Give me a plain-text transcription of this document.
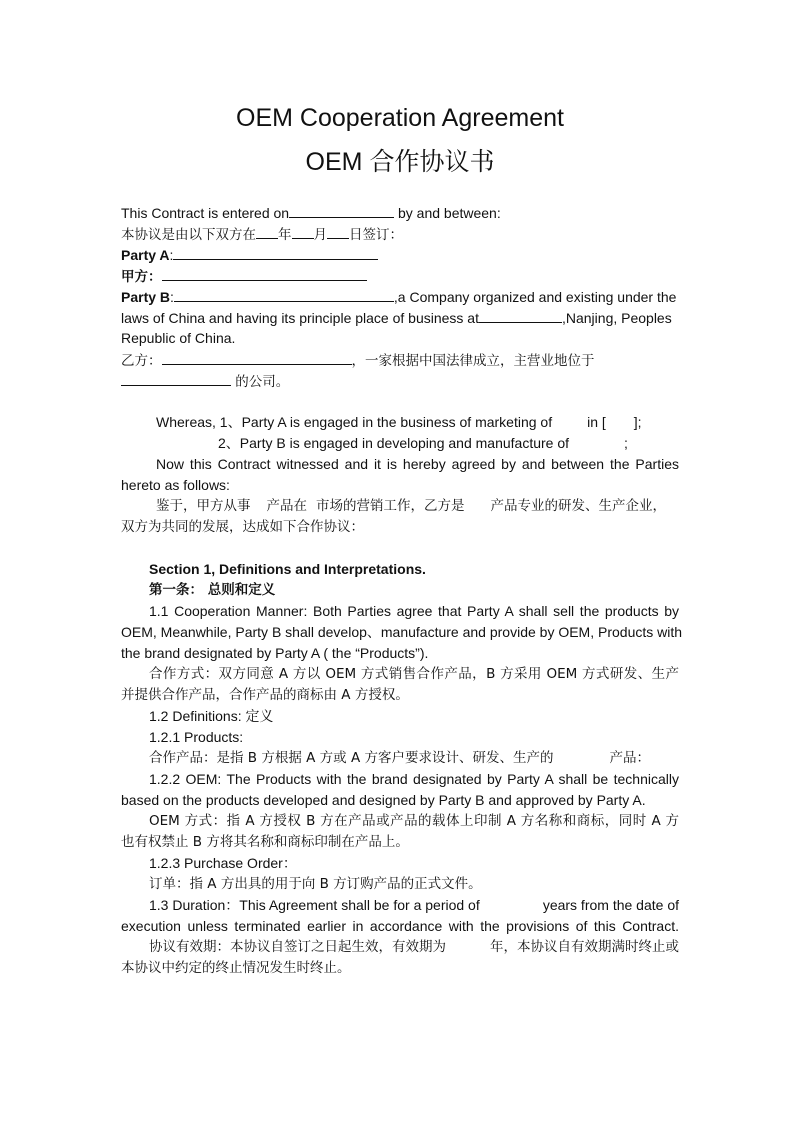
OEM Cooperation Agreement
OEM 合作协议书
This Contract is entered on	by and between:
本协议是由以下双方在 年 月 日签订：
Party A:
甲方：
Party B:	,a Company organized and existing under the
laws of China and having its principle place of business at	,Nanjing, Peoples
Republic of China.
乙方：	，一家根据中国法律成立，主营业地位于
的公司。
Whereas, 1、Party A is engaged in the business of marketing of	in [ ];
2、Party B is engaged in developing and manufacture of	;
Now this Contract witnessed and it is hereby agreed by and between the Parties
hereto as follows:
鉴于，甲方从事 产品在 市场的营销工作，乙方是 产品专业的研发、生产企业，
双方为共同的发展，达成如下合作协议：
Section 1, Definitions and Interpretations.
第一条： 总则和定义
1.1 Cooperation Manner: Both Parties agree that Party A shall sell the products by
OEM, Meanwhile, Party B shall develop、manufacture and provide by OEM, Products with
the brand designated by Party A ( the “Products”).
合作方式：双方同意 A 方以 OEM 方式销售合作产品，B 方采用 OEM 方式研发、生产
并提供合作产品，合作产品的商标由 A 方授权。
1.2 Definitions: 定义
1.2.1 Products:
合作产品：是指 B 方根据 A 方或 A 方客户要求设计、研发、生产的	产品：
1.2.2 OEM: The Products with the brand designated by Party A shall be technically
based on the products developed and designed by Party B and approved by Party A.
OEM 方式：指 A 方授权 B 方在产品或产品的载体上印制 A 方名称和商标，同时 A 方
也有权禁止 B 方将其名称和商标印制在产品上。
1.2.3 Purchase Order：
订单：指 A 方出具的用于向 B 方订购产品的正式文件。
1.3 Duration：This Agreement shall be for a period of	years from the date of
execution unless terminated earlier in accordance with the provisions of this Contract.
协议有效期：本协议自签订之日起生效，有效期为	年，本协议自有效期满时终止或
本协议中约定的终止情况发生时终止。
